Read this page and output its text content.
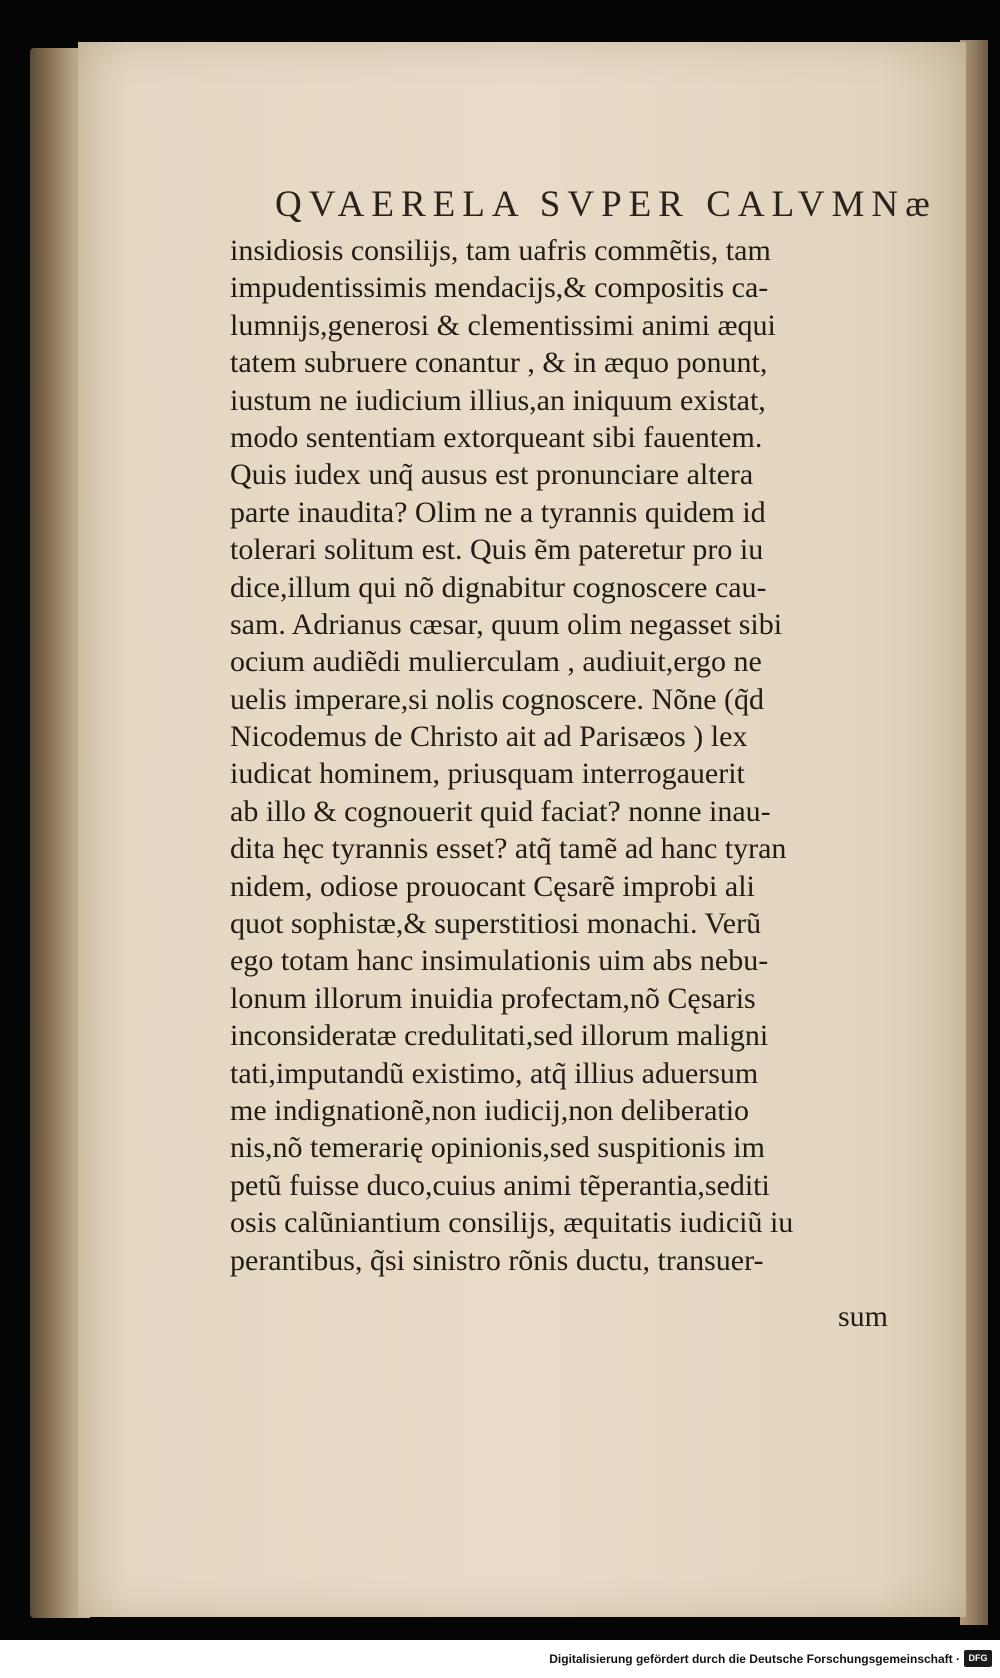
QVAERELA SVPER CALVMNæ
insidiosis consilijs, tam uafris commẽtis, tam
impudentissimis mendacijs,& compositis ca-
lumnijs,generosi & clementissimi animi æqui
tatem subruere conantur , & in æquo ponunt,
iustum ne iudicium illius,an iniquum existat,
modo sententiam extorqueant sibi fauentem.
Quis iudex unq̃ ausus est pronunciare altera
parte inaudita? Olim ne a tyrannis quidem id
tolerari solitum est. Quis ẽm pateretur pro iu
dice,illum qui nõ dignabitur cognoscere cau-
sam. Adrianus cæsar, quum olim negasset sibi
ocium audiẽdi mulierculam , audiuit,ergo ne
uelis imperare,si nolis cognoscere. Nõne (q̃d
Nicodemus de Christo ait ad Parisæos ) lex
iudicat hominem, priusquam interrogauerit
ab illo & cognouerit quid faciat? nonne inau-
dita hęc tyrannis esset? atq̃ tamẽ ad hanc tyran
nidem, odiose prouocant Cęsarẽ improbi ali
quot sophistæ,& superstitiosi monachi. Verũ
ego totam hanc insimulationis uim abs nebu-
lonum illorum inuidia profectam,nõ Cęsaris
inconsideratæ credulitati,sed illorum maligni
tati,imputandũ existimo, atq̃ illius aduersum
me indignationẽ,non iudicij,non deliberatio
nis,nõ temerarię opinionis,sed suspitionis im
petũ fuisse duco,cuius animi tẽperantia,sediti
osis calũniantium consilijs, æquitatis iudiciũ iu
perantibus, q̃si sinistro rõnis ductu, transuer-
sum
Digitalisierung gefördert durch die Deutsche Forschungsgemeinschaft · DFG
